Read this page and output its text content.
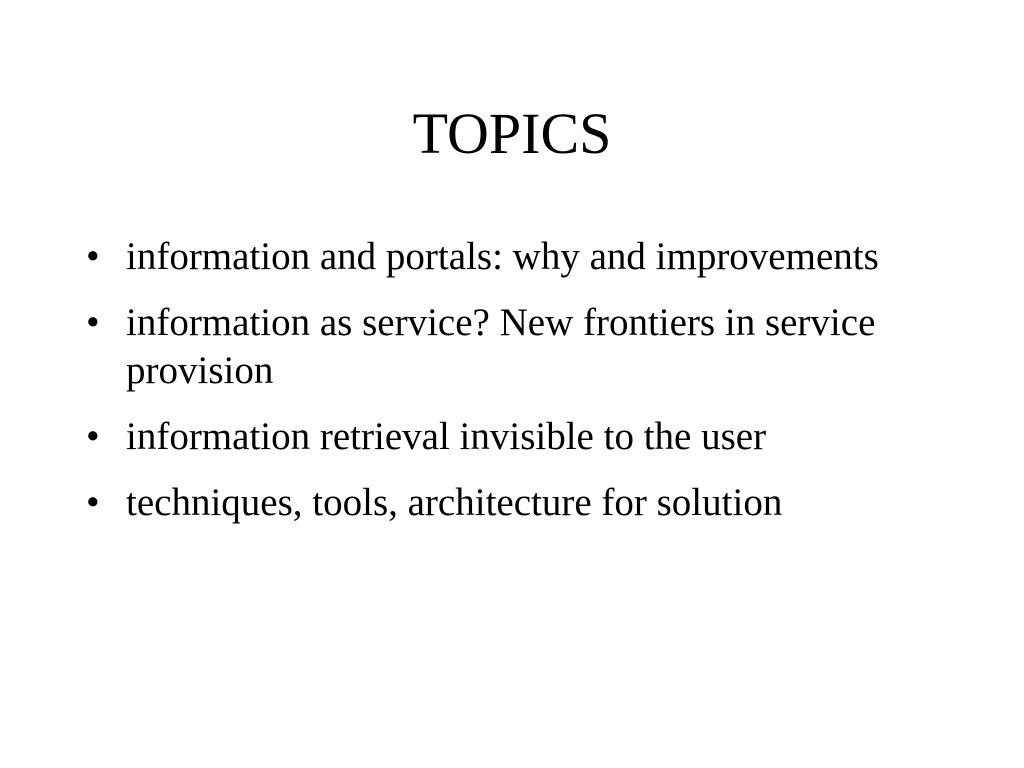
TOPICS
• information and portals: why and improvements
• information as service? New frontiers in service provision
• information retrieval invisible to the user
• techniques, tools, architecture for solution
